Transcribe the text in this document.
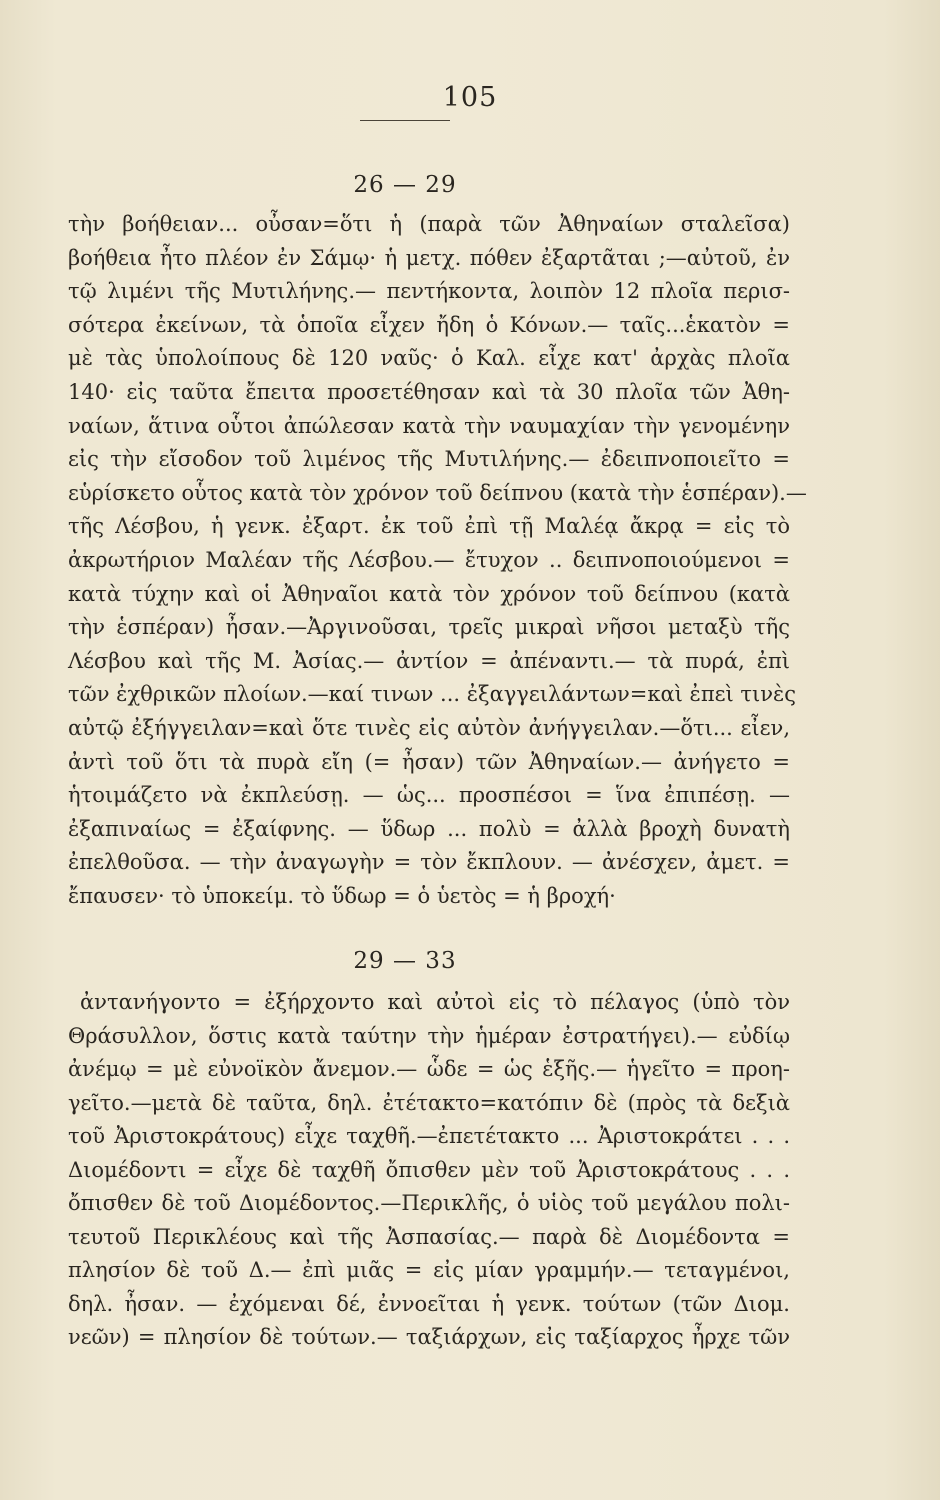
105
26 — 29
τὴν βοήθειαν... οὖσαν=ὅτι ἡ (παρὰ τῶν Ἀθηναίων σταλεῖσα)
βοήθεια ἦτο πλέον ἐν Σάμῳ· ἡ μετχ. πόθεν ἐξαρτᾶται ;—αὐτοῦ, ἐν
τῷ λιμένι τῆς Μυτιλήνης.— πεντήκοντα, λοιπὸν 12 πλοῖα περισ-
σότερα ἐκείνων, τὰ ὁποῖα εἶχεν ἤδη ὁ Κόνων.— ταῖς...ἑκατὸν =
μὲ τὰς ὑπολοίπους δὲ 120 ναῦς· ὁ Καλ. εἶχε κατ' ἀρχὰς πλοῖα
140· εἰς ταῦτα ἔπειτα προσετέθησαν καὶ τὰ 30 πλοῖα τῶν Ἀθη-
ναίων, ἅτινα οὗτοι ἀπώλεσαν κατὰ τὴν ναυμαχίαν τὴν γενομένην
εἰς τὴν εἴσοδον τοῦ λιμένος τῆς Μυτιλήνης.— ἐδειπνοποιεῖτο =
εὑρίσκετο οὗτος κατὰ τὸν χρόνον τοῦ δείπνου (κατὰ τὴν ἑσπέραν).—
τῆς Λέσβου, ἡ γενκ. ἐξαρτ. ἐκ τοῦ ἐπὶ τῇ Μαλέᾳ ἄκρᾳ = εἰς τὸ
ἀκρωτήριον Μαλέαν τῆς Λέσβου.— ἔτυχον .. δειπνοποιούμενοι =
κατὰ τύχην καὶ οἱ Ἀθηναῖοι κατὰ τὸν χρόνον τοῦ δείπνου (κατὰ
τὴν ἑσπέραν) ἦσαν.—Ἀργινοῦσαι, τρεῖς μικραὶ νῆσοι μεταξὺ τῆς
Λέσβου καὶ τῆς Μ. Ἀσίας.— ἀντίον = ἀπέναντι.— τὰ πυρά, ἐπὶ
τῶν ἐχθρικῶν πλοίων.—καί τινων ... ἐξαγγειλάντων=καὶ ἐπεὶ τινὲς
αὐτῷ ἐξήγγειλαν=καὶ ὅτε τινὲς εἰς αὐτὸν ἀνήγγειλαν.—ὅτι... εἶεν,
ἀντὶ τοῦ ὅτι τὰ πυρὰ εἴη (= ἦσαν) τῶν Ἀθηναίων.— ἀνήγετο =
ἡτοιμάζετο νὰ ἐκπλεύσῃ. — ὡς... προσπέσοι = ἵνα ἐπιπέσῃ. —
ἐξαπιναίως = ἐξαίφνης. — ὕδωρ ... πολὺ = ἀλλὰ βροχὴ δυνατὴ
ἐπελθοῦσα. — τὴν ἀναγωγὴν = τὸν ἔκπλουν. — ἀνέσχεν, ἀμετ. =
ἔπαυσεν· τὸ ὑποκείμ. τὸ ὕδωρ = ὁ ὑετὸς = ἡ βροχή·
29 — 33
ἀντανήγοντο = ἐξήρχοντο καὶ αὐτοὶ εἰς τὸ πέλαγος (ὑπὸ τὸν
Θράσυλλον, ὅστις κατὰ ταύτην τὴν ἡμέραν ἐστρατήγει).— εὐδίῳ
ἀνέμῳ = μὲ εὐνοϊκὸν ἄνεμον.— ὧδε = ὡς ἑξῆς.— ἡγεῖτο = προη-
γεῖτο.—μετὰ δὲ ταῦτα, δηλ. ἐτέτακτο=κατόπιν δὲ (πρὸς τὰ δεξιὰ
τοῦ Ἀριστοκράτους) εἶχε ταχθῆ.—ἐπετέτακτο ... Ἀριστοκράτει . . .
Διομέδοντι = εἶχε δὲ ταχθῆ ὄπισθεν μὲν τοῦ Ἀριστοκράτους . . .
ὄπισθεν δὲ τοῦ Διομέδοντος.—Περικλῆς, ὁ υἱὸς τοῦ μεγάλου πολι-
τευτοῦ Περικλέους καὶ τῆς Ἀσπασίας.— παρὰ δὲ Διομέδοντα =
πλησίον δὲ τοῦ Δ.— ἐπὶ μιᾶς = εἰς μίαν γραμμήν.— τεταγμένοι,
δηλ. ἦσαν. — ἐχόμεναι δέ, ἐννοεῖται ἡ γενκ. τούτων (τῶν Διομ.
νεῶν) = πλησίον δὲ τούτων.— ταξιάρχων, εἰς ταξίαρχος ἦρχε τῶν
